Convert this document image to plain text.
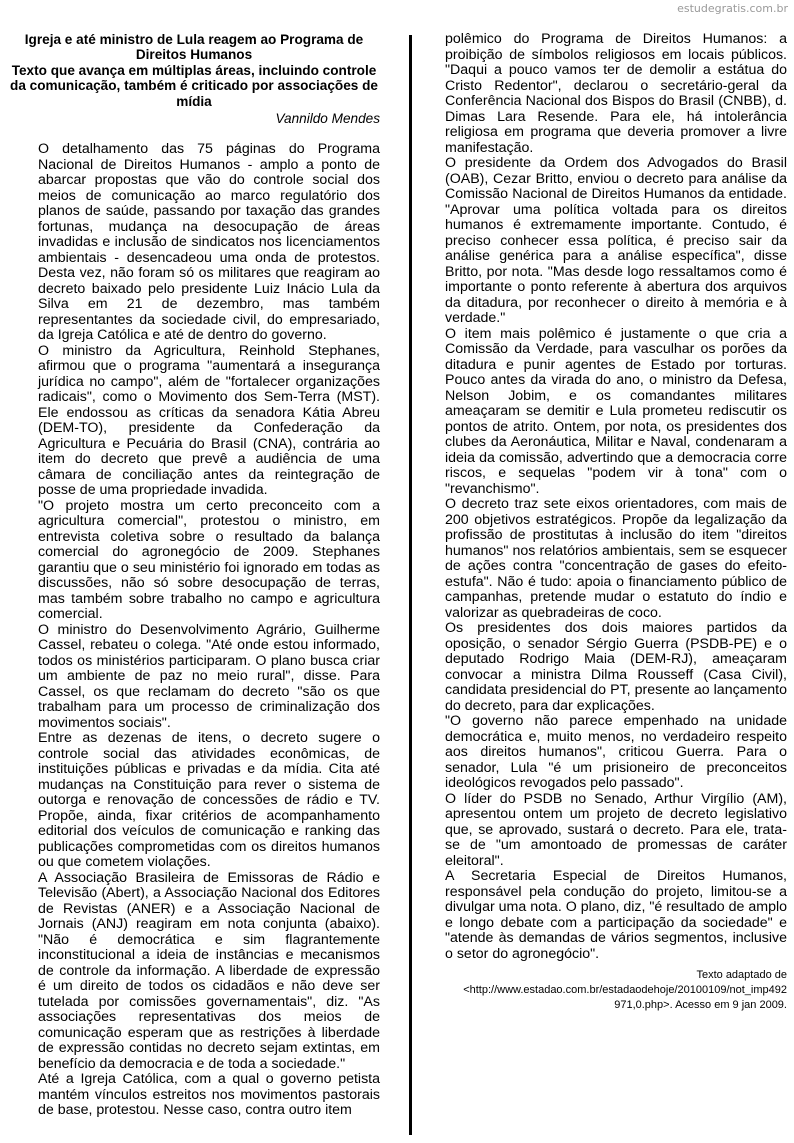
estudegratis.com.br
Igreja e até ministro de Lula reagem ao Programa de Direitos Humanos
Texto que avança em múltiplas áreas, incluindo controle da comunicação, também é criticado por associações de mídia
Vannildo Mendes

O detalhamento das 75 páginas do Programa Nacional de Direitos Humanos - amplo a ponto de abarcar propostas que vão do controle social dos meios de comunicação ao marco regulatório dos planos de saúde, passando por taxação das grandes fortunas, mudança na desocupação de áreas invadidas e inclusão de sindicatos nos licenciamentos ambientais - desencadeou uma onda de protestos. Desta vez, não foram só os militares que reagiram ao decreto baixado pelo presidente Luiz Inácio Lula da Silva em 21 de dezembro, mas também representantes da sociedade civil, do empresariado, da Igreja Católica e até de dentro do governo.

O ministro da Agricultura, Reinhold Stephanes, afirmou que o programa "aumentará a insegurança jurídica no campo", além de "fortalecer organizações radicais", como o Movimento dos Sem-Terra (MST). Ele endossou as críticas da senadora Kátia Abreu (DEM-TO), presidente da Confederação da Agricultura e Pecuária do Brasil (CNA), contrária ao item do decreto que prevê a audiência de uma câmara de conciliação antes da reintegração de posse de uma propriedade invadida.

"O projeto mostra um certo preconceito com a agricultura comercial", protestou o ministro, em entrevista coletiva sobre o resultado da balança comercial do agronegócio de 2009. Stephanes garantiu que o seu ministério foi ignorado em todas as discussões, não só sobre desocupação de terras, mas também sobre trabalho no campo e agricultura comercial.

O ministro do Desenvolvimento Agrário, Guilherme Cassel, rebateu o colega. "Até onde estou informado, todos os ministérios participaram. O plano busca criar um ambiente de paz no meio rural", disse. Para Cassel, os que reclamam do decreto "são os que trabalham para um processo de criminalização dos movimentos sociais".

Entre as dezenas de itens, o decreto sugere o controle social das atividades econômicas, de instituições públicas e privadas e da mídia. Cita até mudanças na Constituição para rever o sistema de outorga e renovação de concessões de rádio e TV. Propõe, ainda, fixar critérios de acompanhamento editorial dos veículos de comunicação e ranking das publicações comprometidas com os direitos humanos ou que cometem violações.

A Associação Brasileira de Emissoras de Rádio e Televisão (Abert), a Associação Nacional dos Editores de Revistas (ANER) e a Associação Nacional de Jornais (ANJ) reagiram em nota conjunta (abaixo). "Não é democrática e sim flagrantemente inconstitucional a ideia de instâncias e mecanismos de controle da informação. A liberdade de expressão é um direito de todos os cidadãos e não deve ser tutelada por comissões governamentais", diz. "As associações representativas dos meios de comunicação esperam que as restrições à liberdade de expressão contidas no decreto sejam extintas, em benefício da democracia e de toda a sociedade."

Até a Igreja Católica, com a qual o governo petista mantém vínculos estreitos nos movimentos pastorais de base, protestou. Nesse caso, contra outro item

polêmico do Programa de Direitos Humanos: a proibição de símbolos religiosos em locais públicos. "Daqui a pouco vamos ter de demolir a estátua do Cristo Redentor", declarou o secretário-geral da Conferência Nacional dos Bispos do Brasil (CNBB), d. Dimas Lara Resende. Para ele, há intolerância religiosa em programa que deveria promover a livre manifestação.

O presidente da Ordem dos Advogados do Brasil (OAB), Cezar Britto, enviou o decreto para análise da Comissão Nacional de Direitos Humanos da entidade. "Aprovar uma política voltada para os direitos humanos é extremamente importante. Contudo, é preciso conhecer essa política, é preciso sair da análise genérica para a análise específica", disse Britto, por nota. "Mas desde logo ressaltamos como é importante o ponto referente à abertura dos arquivos da ditadura, por reconhecer o direito à memória e à verdade."

O item mais polêmico é justamente o que cria a Comissão da Verdade, para vasculhar os porões da ditadura e punir agentes de Estado por torturas. Pouco antes da virada do ano, o ministro da Defesa, Nelson Jobim, e os comandantes militares ameaçaram se demitir e Lula prometeu rediscutir os pontos de atrito. Ontem, por nota, os presidentes dos clubes da Aeronáutica, Militar e Naval, condenaram a ideia da comissão, advertindo que a democracia corre riscos, e sequelas "podem vir à tona" com o "revanchismo".

O decreto traz sete eixos orientadores, com mais de 200 objetivos estratégicos. Propõe da legalização da profissão de prostitutas à inclusão do item "direitos humanos" nos relatórios ambientais, sem se esquecer de ações contra "concentração de gases do efeito-estufa". Não é tudo: apoia o financiamento público de campanhas, pretende mudar o estatuto do índio e valorizar as quebradeiras de coco.

Os presidentes dos dois maiores partidos da oposição, o senador Sérgio Guerra (PSDB-PE) e o deputado Rodrigo Maia (DEM-RJ), ameaçaram convocar a ministra Dilma Rousseff (Casa Civil), candidata presidencial do PT, presente ao lançamento do decreto, para dar explicações.

"O governo não parece empenhado na unidade democrática e, muito menos, no verdadeiro respeito aos direitos humanos", criticou Guerra. Para o senador, Lula "é um prisioneiro de preconceitos ideológicos revogados pelo passado".

O líder do PSDB no Senado, Arthur Virgílio (AM), apresentou ontem um projeto de decreto legislativo que, se aprovado, sustará o decreto. Para ele, trata-se de "um amontoado de promessas de caráter eleitoral".

A Secretaria Especial de Direitos Humanos, responsável pela condução do projeto, limitou-se a divulgar uma nota. O plano, diz, "é resultado de amplo e longo debate com a participação da sociedade" e "atende às demandas de vários segmentos, inclusive o setor do agronegócio".

Texto adaptado de
<http://www.estadao.com.br/estadaodehoje/20100109/not_imp492
971,0.php>. Acesso em 9 jan 2009.
